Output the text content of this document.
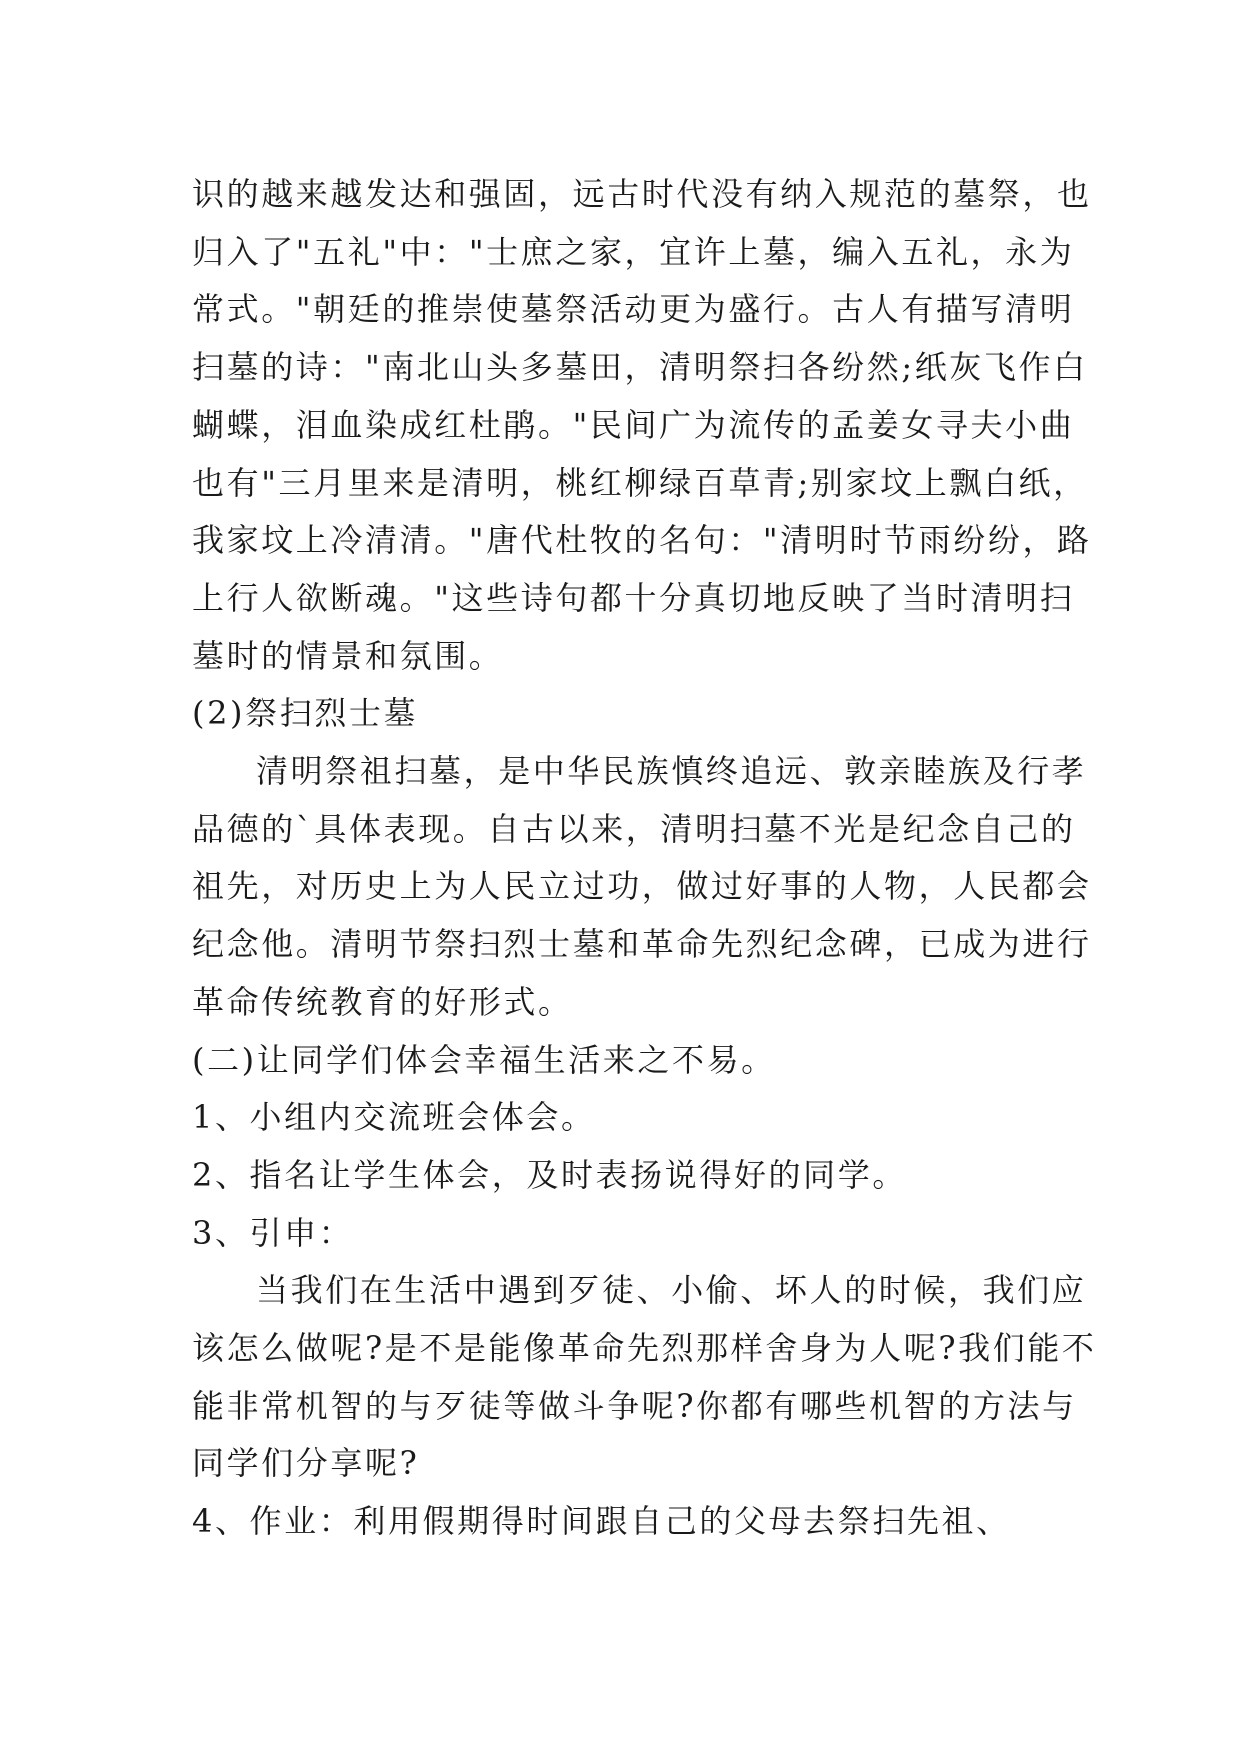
识的越来越发达和强固，远古时代没有纳入规范的墓祭，也
归入了"五礼"中："士庶之家，宜许上墓，编入五礼，永为
常式。"朝廷的推崇使墓祭活动更为盛行。古人有描写清明
扫墓的诗："南北山头多墓田，清明祭扫各纷然;纸灰飞作白
蝴蝶，泪血染成红杜鹃。"民间广为流传的孟姜女寻夫小曲
也有"三月里来是清明，桃红柳绿百草青;别家坟上飘白纸，
我家坟上冷清清。"唐代杜牧的名句："清明时节雨纷纷，路
上行人欲断魂。"这些诗句都十分真切地反映了当时清明扫
墓时的情景和氛围。

(2)祭扫烈士墓

清明祭祖扫墓，是中华民族慎终追远、敦亲睦族及行孝
品德的`具体表现。自古以来，清明扫墓不光是纪念自己的
祖先，对历史上为人民立过功，做过好事的人物，人民都会
纪念他。清明节祭扫烈士墓和革命先烈纪念碑，已成为进行
革命传统教育的好形式。

(二)让同学们体会幸福生活来之不易。

1、小组内交流班会体会。

2、指名让学生体会，及时表扬说得好的同学。

3、引申：

当我们在生活中遇到歹徒、小偷、坏人的时候，我们应
该怎么做呢?是不是能像革命先烈那样舍身为人呢?我们能不
能非常机智的与歹徒等做斗争呢?你都有哪些机智的方法与
同学们分享呢?

4、作业：利用假期得时间跟自己的父母去祭扫先祖、
